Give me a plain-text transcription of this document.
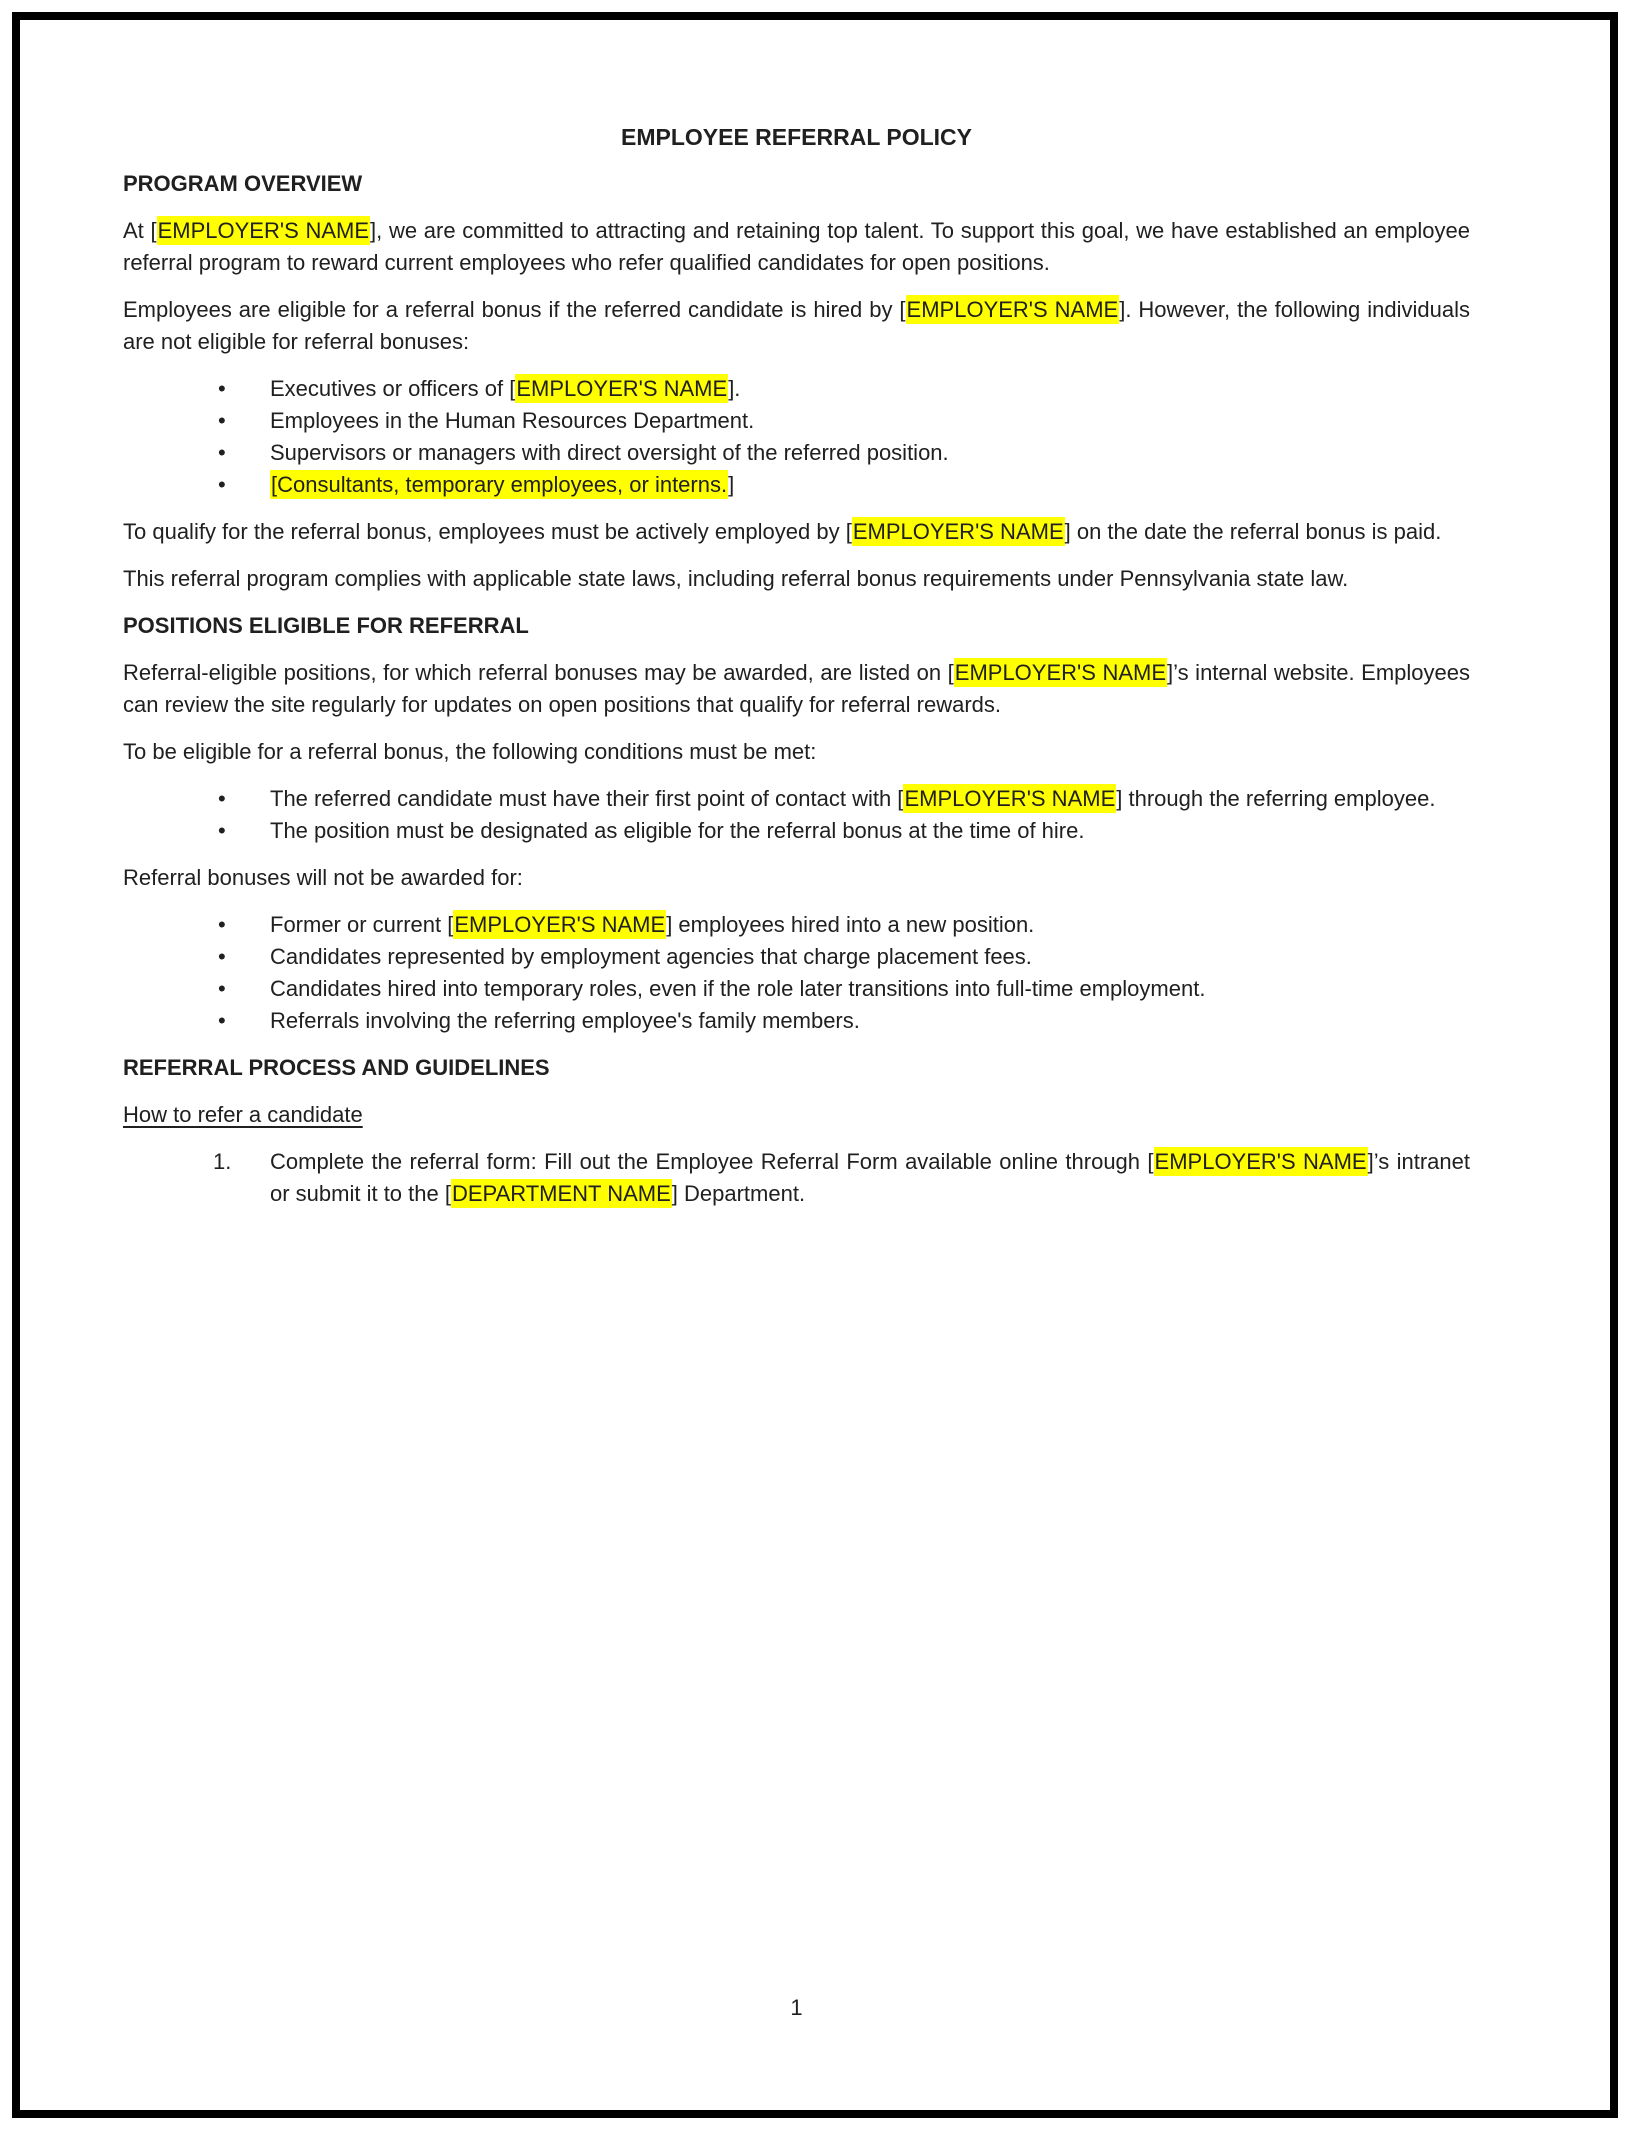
EMPLOYEE REFERRAL POLICY
PROGRAM OVERVIEW

At [EMPLOYER'S NAME], we are committed to attracting and retaining top talent. To support this goal, we have established an employee referral program to reward current employees who refer qualified candidates for open positions.

Employees are eligible for a referral bonus if the referred candidate is hired by [EMPLOYER'S NAME]. However, the following individuals are not eligible for referral bonuses:

• Executives or officers of [EMPLOYER'S NAME].
• Employees in the Human Resources Department.
• Supervisors or managers with direct oversight of the referred position.
• [Consultants, temporary employees, or interns.]

To qualify for the referral bonus, employees must be actively employed by [EMPLOYER'S NAME] on the date the referral bonus is paid.

This referral program complies with applicable state laws, including referral bonus requirements under Pennsylvania state law.

POSITIONS ELIGIBLE FOR REFERRAL

Referral-eligible positions, for which referral bonuses may be awarded, are listed on [EMPLOYER'S NAME]’s internal website. Employees can review the site regularly for updates on open positions that qualify for referral rewards.

To be eligible for a referral bonus, the following conditions must be met:

• The referred candidate must have their first point of contact with [EMPLOYER'S NAME] through the referring employee.
• The position must be designated as eligible for the referral bonus at the time of hire.

Referral bonuses will not be awarded for:

• Former or current [EMPLOYER'S NAME] employees hired into a new position.
• Candidates represented by employment agencies that charge placement fees.
• Candidates hired into temporary roles, even if the role later transitions into full-time employment.
• Referrals involving the referring employee's family members.
REFERRAL PROCESS AND GUIDELINES
How to refer a candidate
1. Complete the referral form: Fill out the Employee Referral Form available online through [EMPLOYER'S NAME]’s intranet or submit it to the [DEPARTMENT NAME] Department.
1
